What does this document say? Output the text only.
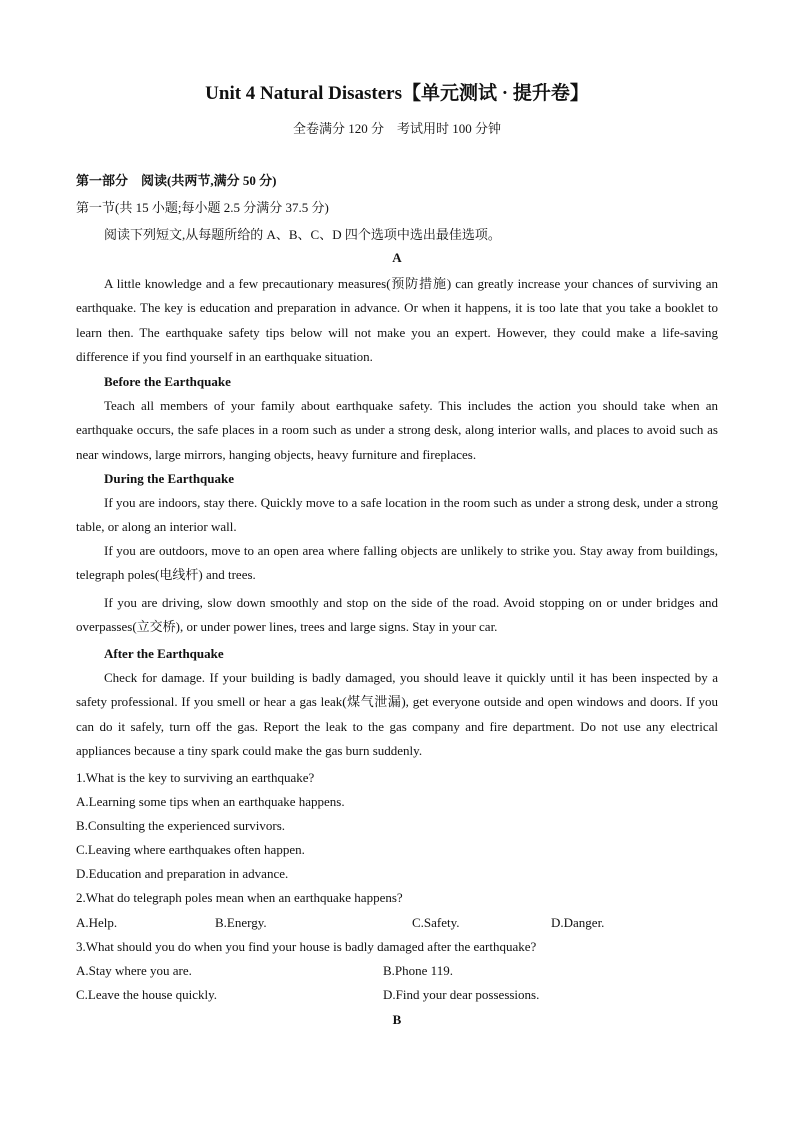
Unit 4 Natural Disasters【单元测试 · 提升卷】
全卷满分 120 分　考试用时 100 分钟
第一部分　阅读(共两节,满分 50 分)
第一节(共 15 小题;每小题 2.5 分满分 37.5 分)
阅读下列短文,从每题所给的 A、B、C、D 四个选项中选出最佳选项。
A
A little knowledge and a few precautionary measures(预防措施) can greatly increase your chances of surviving an earthquake. The key is education and preparation in advance. Or when it happens, it is too late that you take a booklet to learn then. The earthquake safety tips below will not make you an expert. However, they could make a life-saving difference if you find yourself in an earthquake situation.
Before the Earthquake
Teach all members of your family about earthquake safety. This includes the action you should take when an earthquake occurs, the safe places in a room such as under a strong desk, along interior walls, and places to avoid such as near windows, large mirrors, hanging objects, heavy furniture and fireplaces.
During the Earthquake
If you are indoors, stay there. Quickly move to a safe location in the room such as under a strong desk, under a strong table, or along an interior wall.
If you are outdoors, move to an open area where falling objects are unlikely to strike you. Stay away from buildings, telegraph poles(电线杆) and trees.
If you are driving, slow down smoothly and stop on the side of the road. Avoid stopping on or under bridges and overpasses(立交桥), or under power lines, trees and large signs. Stay in your car.
After the Earthquake
Check for damage. If your building is badly damaged, you should leave it quickly until it has been inspected by a safety professional. If you smell or hear a gas leak(煤气泄漏), get everyone outside and open windows and doors. If you can do it safely, turn off the gas. Report the leak to the gas company and fire department. Do not use any electrical appliances because a tiny spark could make the gas burn suddenly.
1.What is the key to surviving an earthquake?
A.Learning some tips when an earthquake happens.
B.Consulting the experienced survivors.
C.Leaving where earthquakes often happen.
D.Education and preparation in advance.
2.What do telegraph poles mean when an earthquake happens?
A.Help.	B.Energy.	C.Safety.	D.Danger.
3.What should you do when you find your house is badly damaged after the earthquake?
A.Stay where you are.	B.Phone 119.
C.Leave the house quickly.	D.Find your dear possessions.
B
